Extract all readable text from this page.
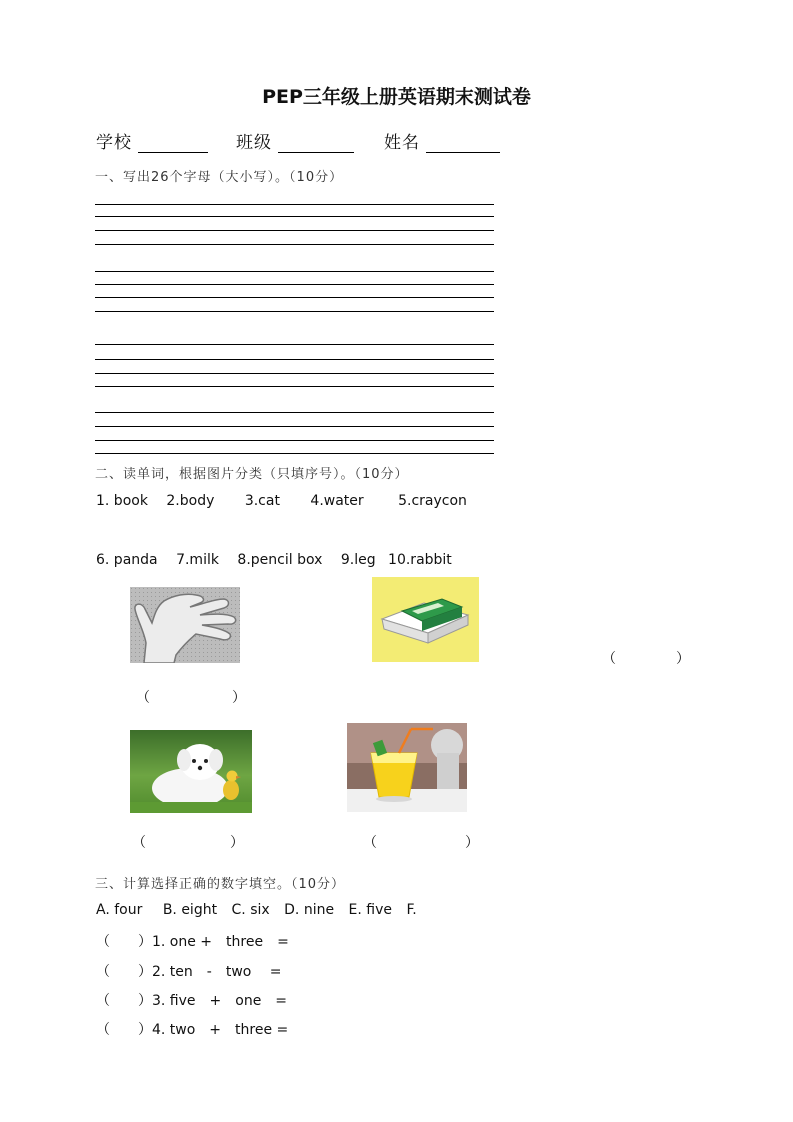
PEP三年级上册英语期末测试卷
学校	班级	姓名
一、写出26个字母（大小写）。（10分）
二、读单词，根据图片分类（只填序号）。（10分）
1. book 2.body 3.cat 4.water 5.craycon
6. panda 7.milk 8.pencil box 9.leg 10.rabbit
（	）
（	）
（	）	（	）
三、计算选择正确的数字填空。（10分）
A. four B. eight C. six D. nine E. five F.
（　　）1. one +　three　=
（　　）2. ten　-　two　 =
（　　）3. five　+　one　=
（　　）4. two　+　three =
